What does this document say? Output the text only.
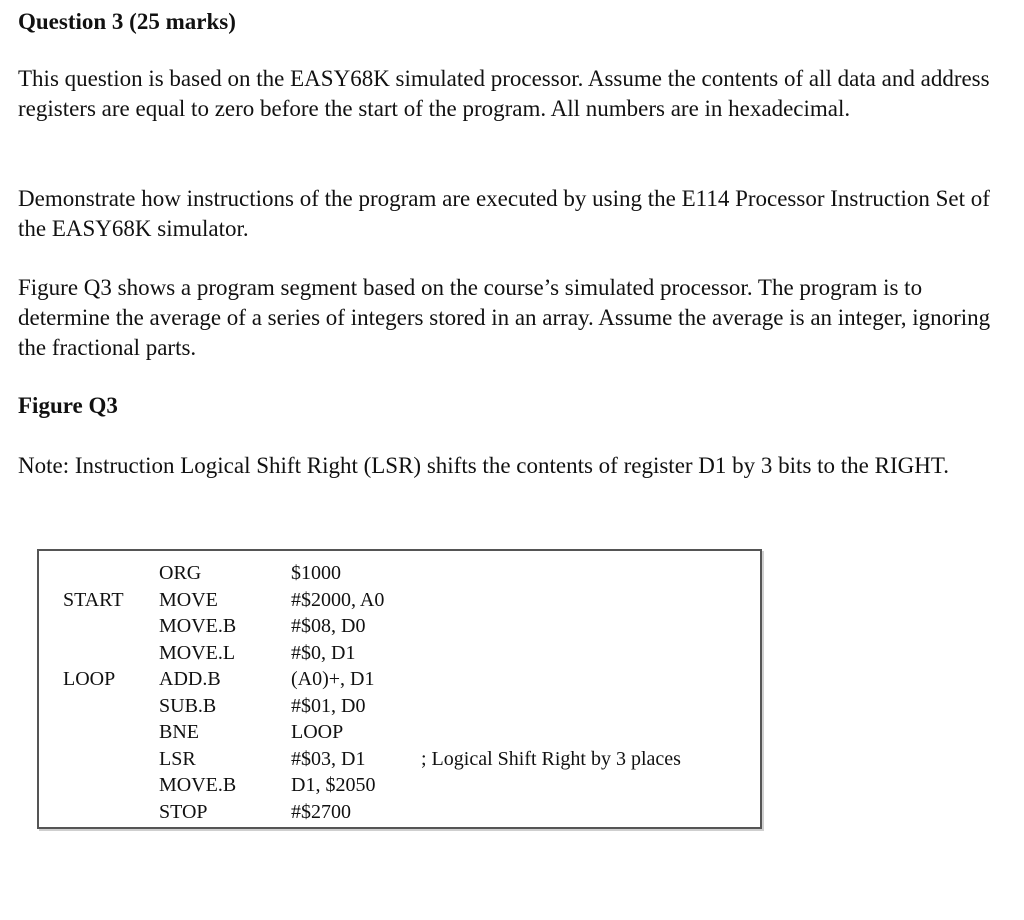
Question 3 (25 marks)

This question is based on the EASY68K simulated processor. Assume the contents of all data and address registers are equal to zero before the start of the program. All numbers are in hexadecimal.

Demonstrate how instructions of the program are executed by using the E114 Processor Instruction Set of the EASY68K simulator.

Figure Q3 shows a program segment based on the course’s simulated processor. The program is to determine the average of a series of integers stored in an array. Assume the average is an integer, ignoring the fractional parts.

Figure Q3

Note: Instruction Logical Shift Right (LSR) shifts the contents of register D1 by 3 bits to the RIGHT.

ORG	$1000
START MOVE	#$2000, A0
MOVE.B	#$08, D0
MOVE.L	#$0, D1
LOOP ADD.B	(A0)+, D1
SUB.B	#$01, D0
BNE	LOOP
LSR	#$03, D1	; Logical Shift Right by 3 places
MOVE.B	D1, $2050
STOP	#$2700
